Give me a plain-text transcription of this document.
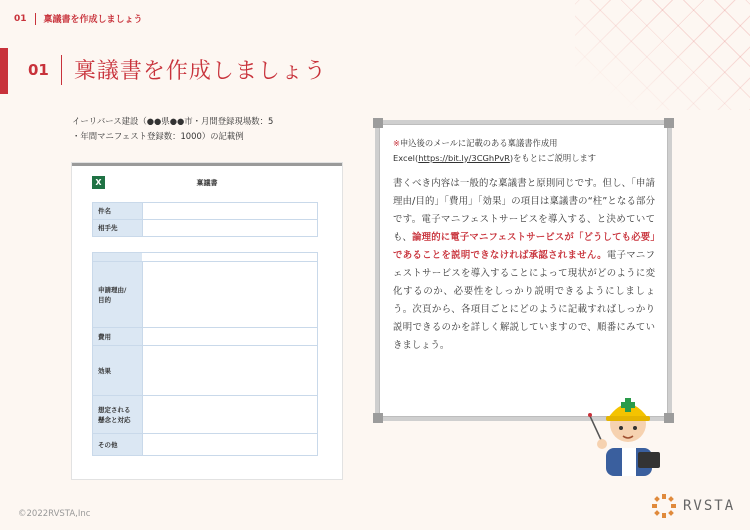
01 稟議書を作成しましょう
01 稟議書を作成しましょう
イーリバース建設（●●県●●市・月間登録現場数：5
・年間マニフェスト登録数：1000）の記載例
X	稟議書
件名
相手先
申請理由/
目的
費用
効果
想定される
懸念と対応
その他
※申込後のメールに記載のある稟議書作成用
Excel(https://bit.ly/3CGhPvR)をもとにご説明します
書くべき内容は一般的な稟議書と原則同じです。但し、「申請理由/目的」「費用」「効果」の項目は稟議書の“柱”となる部分です。電子マニフェストサービスを導入する、と決めていても、論理的に電子マニフェストサービスが「どうしても必要」であることを説明できなければ承認されません。電子マニフェストサービスを導入することによって現状がどのように変化するのか、必要性をしっかり説明できるようにしましょう。次頁から、各項目ごとにどのように記載すればしっかり説明できるのかを詳しく解説していますので、順番にみていきましょう。
©2022RVSTA,Inc	RVSTA
